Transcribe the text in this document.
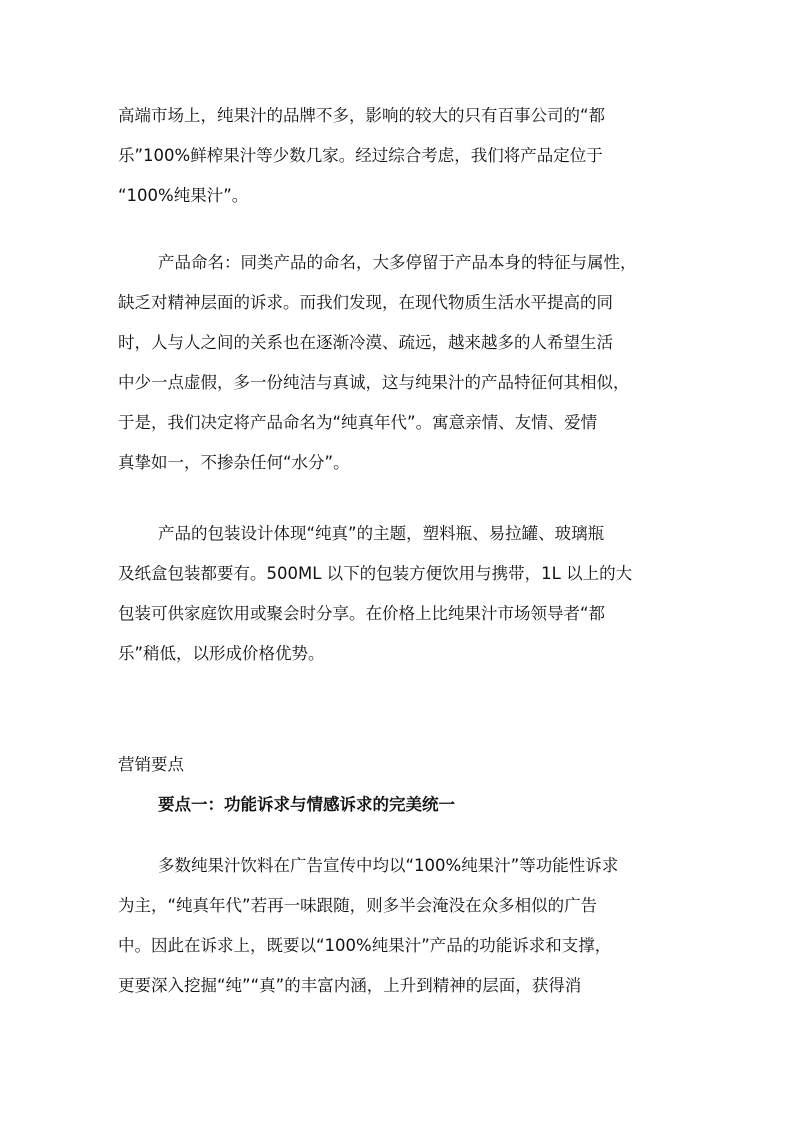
高端市场上，纯果汁的品牌不多，影响的较大的只有百事公司的“都
乐”100%鲜榨果汁等少数几家。经过综合考虑，我们将产品定位于
“100%纯果汁”。
产品命名：同类产品的命名，大多停留于产品本身的特征与属性，
缺乏对精神层面的诉求。而我们发现，在现代物质生活水平提高的同
时，人与人之间的关系也在逐渐冷漠、疏远，越来越多的人希望生活
中少一点虚假，多一份纯洁与真诚，这与纯果汁的产品特征何其相似，
于是，我们决定将产品命名为“纯真年代”。寓意亲情、友情、爱情
真挚如一，不掺杂任何“水分”。
产品的包装设计体现“纯真”的主题，塑料瓶、易拉罐、玻璃瓶
及纸盒包装都要有。500ML 以下的包装方便饮用与携带，1L 以上的大
包装可供家庭饮用或聚会时分享。在价格上比纯果汁市场领导者“都
乐”稍低，以形成价格优势。
营销要点
要点一：功能诉求与情感诉求的完美统一
多数纯果汁饮料在广告宣传中均以“100%纯果汁”等功能性诉求
为主，“纯真年代”若再一味跟随，则多半会淹没在众多相似的广告
中。因此在诉求上，既要以“100%纯果汁”产品的功能诉求和支撑，
更要深入挖掘“纯”“真”的丰富内涵，上升到精神的层面，获得消
